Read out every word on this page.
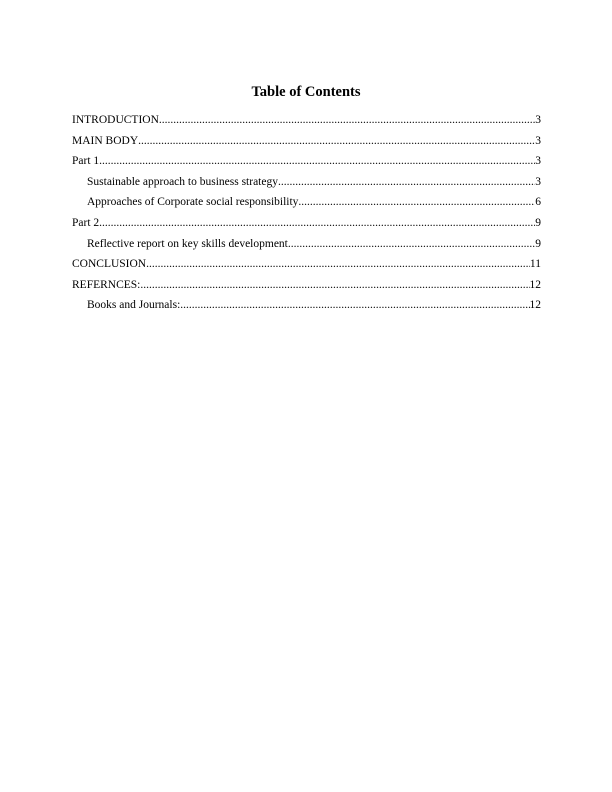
Table of Contents
INTRODUCTION .....	3
MAIN BODY .....	3
Part 1 .....	3
Sustainable approach to business strategy .....	3
Approaches of Corporate social responsibility .....	6
Part 2 .....	9
Reflective report on key skills development .....	9
CONCLUSION .....	11
REFERNCES: .....	12
Books and Journals: .....	12
